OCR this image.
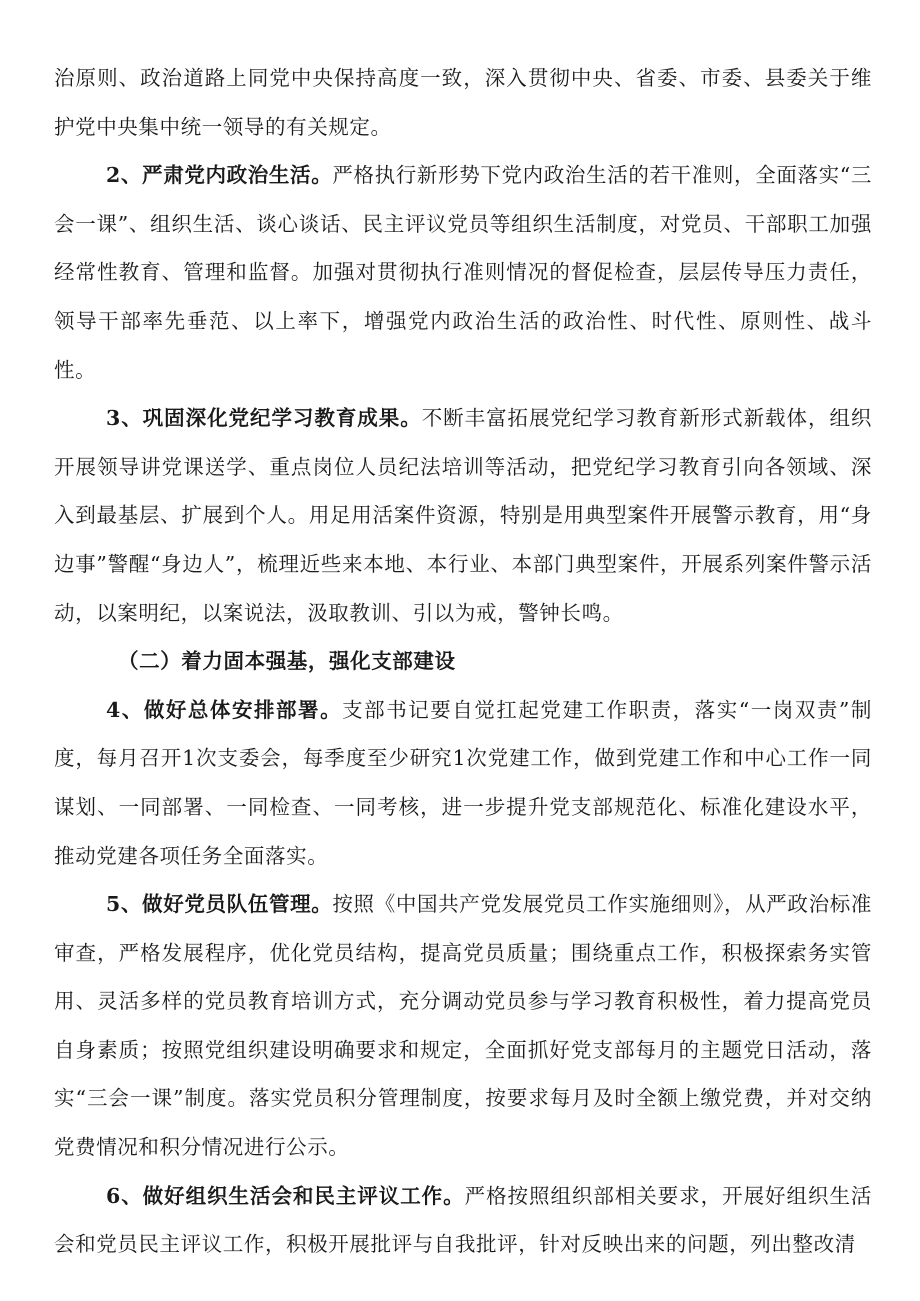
治原则、政治道路上同党中央保持高度一致，深入贯彻中央、省委、市委、县委关于维护党中央集中统一领导的有关规定。

2、严肃党内政治生活。严格执行新形势下党内政治生活的若干准则，全面落实“三会一课”、组织生活、谈心谈话、民主评议党员等组织生活制度，对党员、干部职工加强经常性教育、管理和监督。加强对贯彻执行准则情况的督促检查，层层传导压力责任，领导干部率先垂范、以上率下，增强党内政治生活的政治性、时代性、原则性、战斗性。

3、巩固深化党纪学习教育成果。不断丰富拓展党纪学习教育新形式新载体，组织开展领导讲党课送学、重点岗位人员纪法培训等活动，把党纪学习教育引向各领域、深入到最基层、扩展到个人。用足用活案件资源，特别是用典型案件开展警示教育，用“身边事”警醒“身边人”，梳理近些来本地、本行业、本部门典型案件，开展系列案件警示活动，以案明纪，以案说法，汲取教训、引以为戒，警钟长鸣。

（二）着力固本强基，强化支部建设

4、做好总体安排部署。支部书记要自觉扛起党建工作职责，落实“一岗双责”制度，每月召开1次支委会，每季度至少研究1次党建工作，做到党建工作和中心工作一同谋划、一同部署、一同检查、一同考核，进一步提升党支部规范化、标准化建设水平，推动党建各项任务全面落实。

5、做好党员队伍管理。按照《中国共产党发展党员工作实施细则》，从严政治标准审查，严格发展程序，优化党员结构，提高党员质量；围绕重点工作，积极探索务实管用、灵活多样的党员教育培训方式，充分调动党员参与学习教育积极性，着力提高党员自身素质；按照党组织建设明确要求和规定，全面抓好党支部每月的主题党日活动，落实“三会一课”制度。落实党员积分管理制度，按要求每月及时全额上缴党费，并对交纳党费情况和积分情况进行公示。

6、做好组织生活会和民主评议工作。严格按照组织部相关要求，开展好组织生活会和党员民主评议工作，积极开展批评与自我批评，针对反映出来的问题，列出整改清
